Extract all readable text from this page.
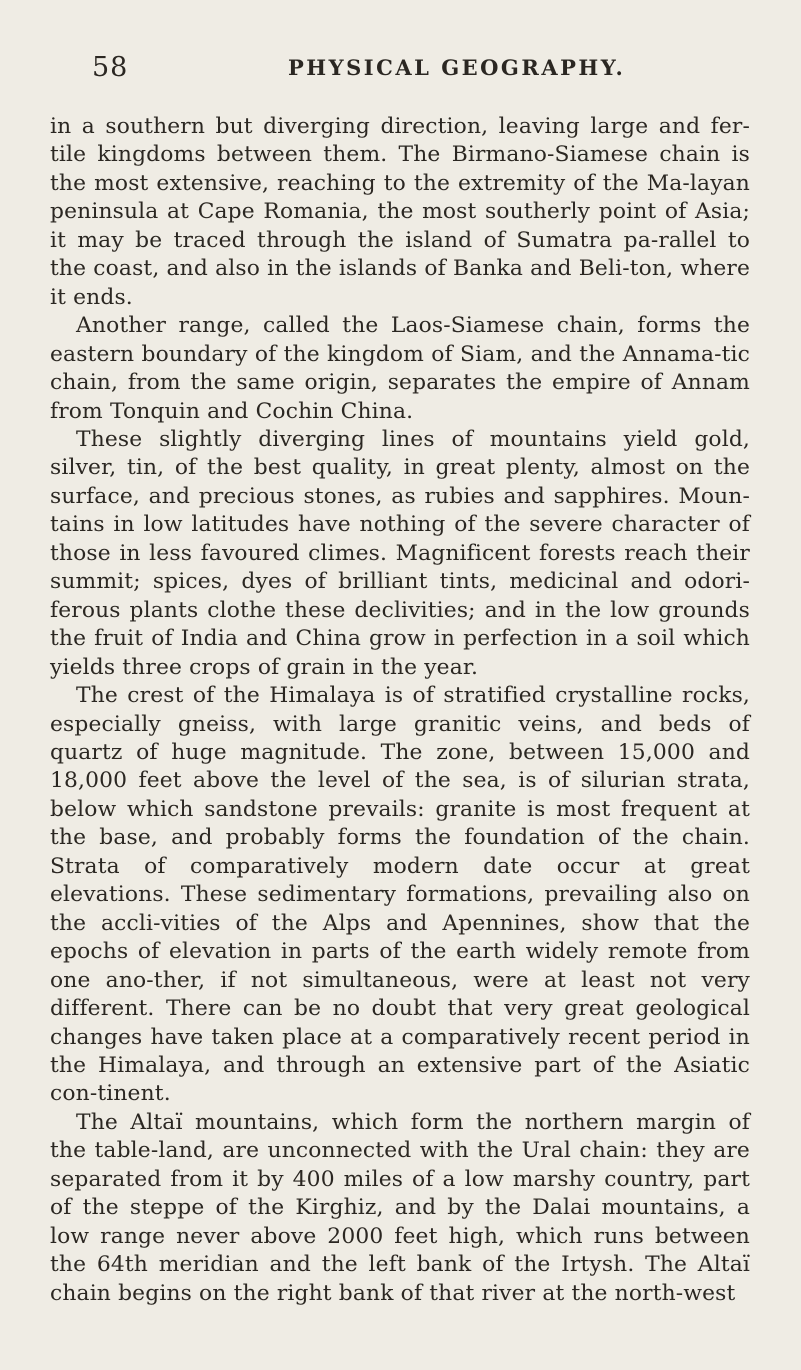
58	PHYSICAL GEOGRAPHY.

in a southern but diverging direction, leaving large and fer-tile kingdoms between them. The Birmano-Siamese chain is the most extensive, reaching to the extremity of the Ma-layan peninsula at Cape Romania, the most southerly point of Asia; it may be traced through the island of Sumatra pa-rallel to the coast, and also in the islands of Banka and Beli-ton, where it ends.

Another range, called the Laos-Siamese chain, forms the eastern boundary of the kingdom of Siam, and the Annama-tic chain, from the same origin, separates the empire of Annam from Tonquin and Cochin China.

These slightly diverging lines of mountains yield gold, silver, tin, of the best quality, in great plenty, almost on the surface, and precious stones, as rubies and sapphires. Moun-tains in low latitudes have nothing of the severe character of those in less favoured climes. Magnificent forests reach their summit; spices, dyes of brilliant tints, medicinal and odori-ferous plants clothe these declivities; and in the low grounds the fruit of India and China grow in perfection in a soil which yields three crops of grain in the year.

The crest of the Himalaya is of stratified crystalline rocks, especially gneiss, with large granitic veins, and beds of quartz of huge magnitude. The zone, between 15,000 and 18,000 feet above the level of the sea, is of silurian strata, below which sandstone prevails: granite is most frequent at the base, and probably forms the foundation of the chain. Strata of comparatively modern date occur at great elevations. These sedimentary formations, prevailing also on the accli-vities of the Alps and Apennines, show that the epochs of elevation in parts of the earth widely remote from one ano-ther, if not simultaneous, were at least not very different. There can be no doubt that very great geological changes have taken place at a comparatively recent period in the Himalaya, and through an extensive part of the Asiatic con-tinent.

The Altaï mountains, which form the northern margin of the table-land, are unconnected with the Ural chain: they are separated from it by 400 miles of a low marshy country, part of the steppe of the Kirghiz, and by the Dalai mountains, a low range never above 2000 feet high, which runs between the 64th meridian and the left bank of the Irtysh. The Altaï chain begins on the right bank of that river at the north-west
